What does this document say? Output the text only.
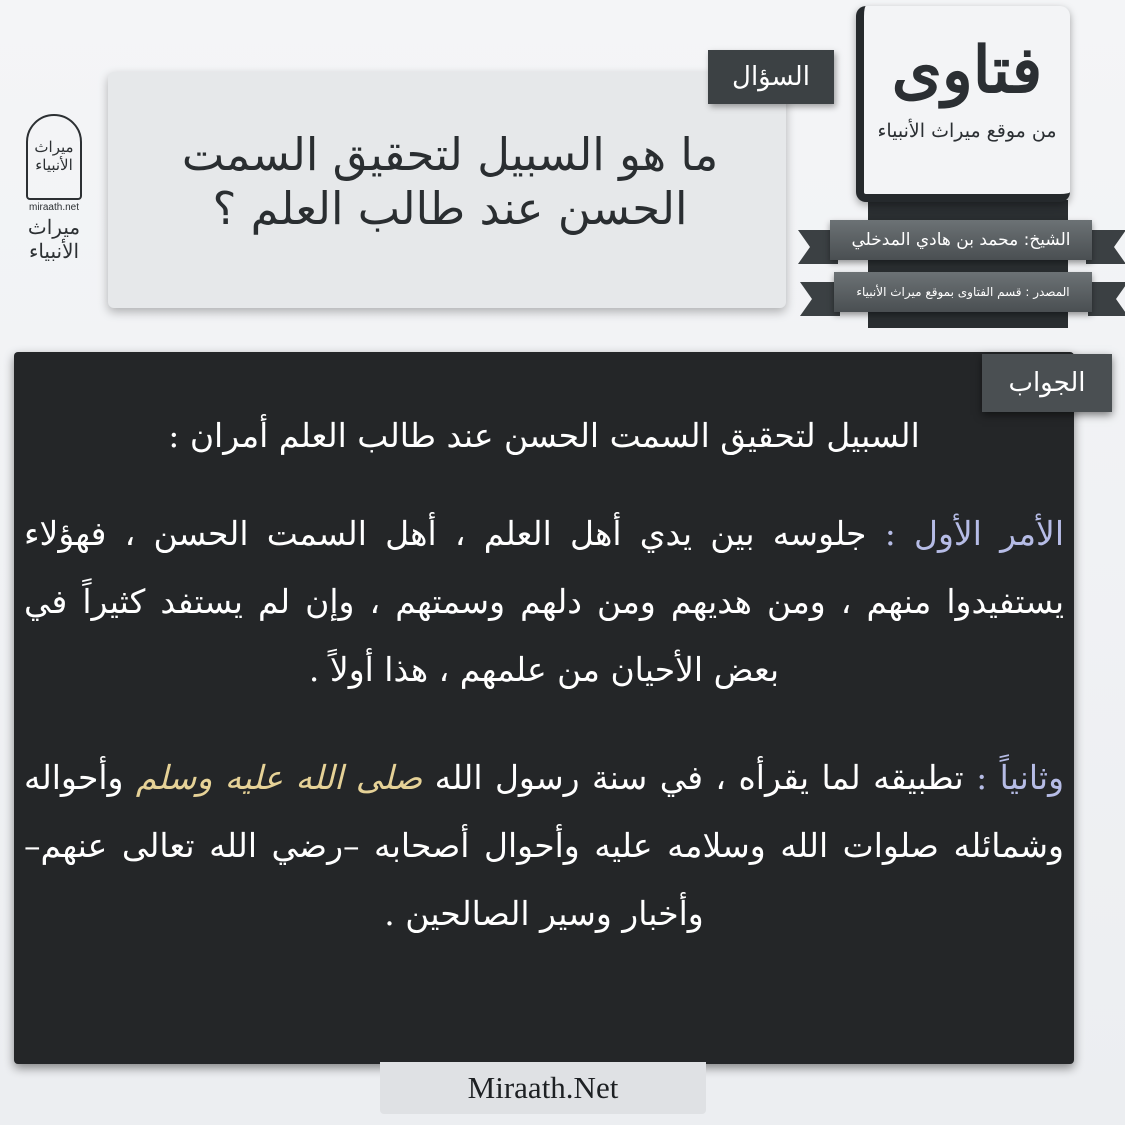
ميراث الأنبياء
miraath.net
ميراث الأنبياء
السؤال
ما هو السبيل لتحقيق السمت الحسن عند طالب العلم ؟
فتاوى
من موقع ميراث الأنبياء
الشيخ: محمد بن هادي المدخلي
المصدر : قسم الفتاوى بموقع ميراث الأنبياء
الجواب

السبيل لتحقيق السمت الحسن عند طالب العلم أمران :

الأمر الأول : جلوسه بين يدي أهل العلم ، أهل السمت الحسن ، فهؤلاء يستفيدوا منهم ، ومن هديهم ومن دلهم وسمتهم ، وإن لم يستفد كثيراً في بعض الأحيان من علمهم ، هذا أولاً .

وثانياً : تطبيقه لما يقرأه ، في سنة رسول الله صلى الله عليه وسلم وأحواله وشمائله صلوات الله وسلامه عليه وأحوال أصحابه –رضي الله تعالى عنهم– وأخبار وسير الصالحين .

Miraath.Net
